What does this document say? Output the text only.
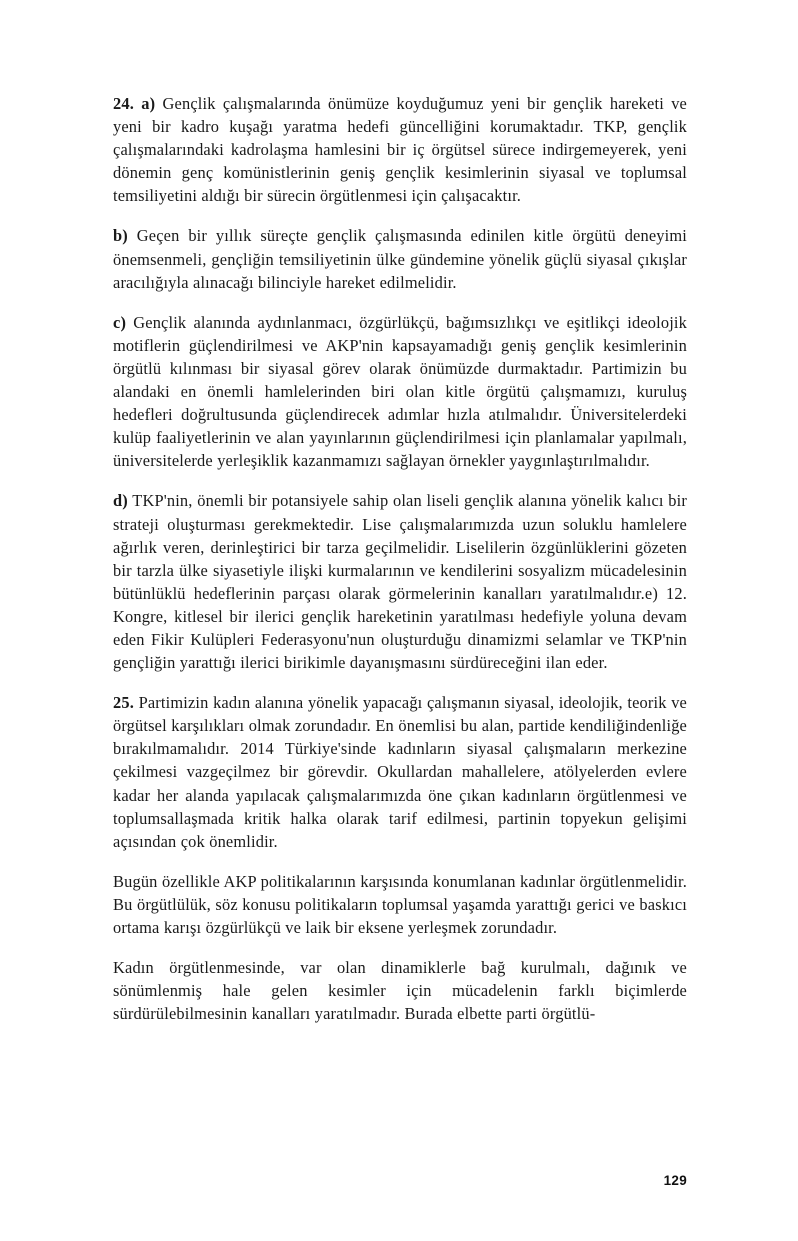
24. a) Gençlik çalışmalarında önümüze koyduğumuz yeni bir gençlik hareketi ve yeni bir kadro kuşağı yaratma hedefi güncelliğini korumaktadır. TKP, gençlik çalışmalarındaki kadrolaşma hamlesini bir iç örgütsel sürece indirgemeyerek, yeni dönemin genç komünistlerinin geniş gençlik kesimlerinin siyasal ve toplumsal temsiliyetini aldığı bir sürecin örgütlenmesi için çalışacaktır.

b) Geçen bir yıllık süreçte gençlik çalışmasında edinilen kitle örgütü deneyimi önemsenmeli, gençliğin temsiliyetinin ülke gündemine yönelik güçlü siyasal çıkışlar aracılığıyla alınacağı bilinciyle hareket edilmelidir.

c) Gençlik alanında aydınlanmacı, özgürlükçü, bağımsızlıkçı ve eşitlikçi ideolojik motiflerin güçlendirilmesi ve AKP'nin kapsayamadığı geniş gençlik kesimlerinin örgütlü kılınması bir siyasal görev olarak önümüzde durmaktadır. Partimizin bu alandaki en önemli hamlelerinden biri olan kitle örgütü çalışmamızı, kuruluş hedefleri doğrultusunda güçlendirecek adımlar hızla atılmalıdır. Üniversitelerdeki kulüp faaliyetlerinin ve alan yayınlarının güçlendirilmesi için planlamalar yapılmalı, üniversitelerde yerleşiklik kazanmamızı sağlayan örnekler yaygınlaştırılmalıdır.

d) TKP'nin, önemli bir potansiyele sahip olan liseli gençlik alanına yönelik kalıcı bir strateji oluşturması gerekmektedir. Lise çalışmalarımızda uzun soluklu hamlelere ağırlık veren, derinleştirici bir tarza geçilmelidir. Liselilerin özgünlüklerini gözeten bir tarzla ülke siyasetiyle ilişki kurmalarının ve kendilerini sosyalizm mücadelesinin bütünlüklü hedeflerinin parçası olarak görmelerinin kanalları yaratılmalıdır.e) 12. Kongre, kitlesel bir ilerici gençlik hareketinin yaratılması hedefiyle yoluna devam eden Fikir Kulüpleri Federasyonu'nun oluşturduğu dinamizmi selamlar ve TKP'nin gençliğin yarattığı ilerici birikimle dayanışmasını sürdüreceğini ilan eder.

25. Partimizin kadın alanına yönelik yapacağı çalışmanın siyasal, ideolojik, teorik ve örgütsel karşılıkları olmak zorundadır. En önemlisi bu alan, partide kendiliğindenliğe bırakılmamalıdır. 2014 Türkiye'sinde kadınların siyasal çalışmaların merkezine çekilmesi vazgeçilmez bir görevdir. Okullardan mahallelere, atölyelerden evlere kadar her alanda yapılacak çalışmalarımızda öne çıkan kadınların örgütlenmesi ve toplumsallaşmada kritik halka olarak tarif edilmesi, partinin topyekun gelişimi açısından çok önemlidir.

Bugün özellikle AKP politikalarının karşısında konumlanan kadınlar örgütlenmelidir. Bu örgütlülük, söz konusu politikaların toplumsal yaşamda yarattığı gerici ve baskıcı ortama karışı özgürlükçü ve laik bir eksene yerleşmek zorundadır.

Kadın örgütlenmesinde, var olan dinamiklerle bağ kurulmalı, dağınık ve sönümlenmiş hale gelen kesimler için mücadelenin farklı biçimlerde sürdürülebilmesinin kanalları yaratılmadır. Burada elbette parti örgütlü-

129
